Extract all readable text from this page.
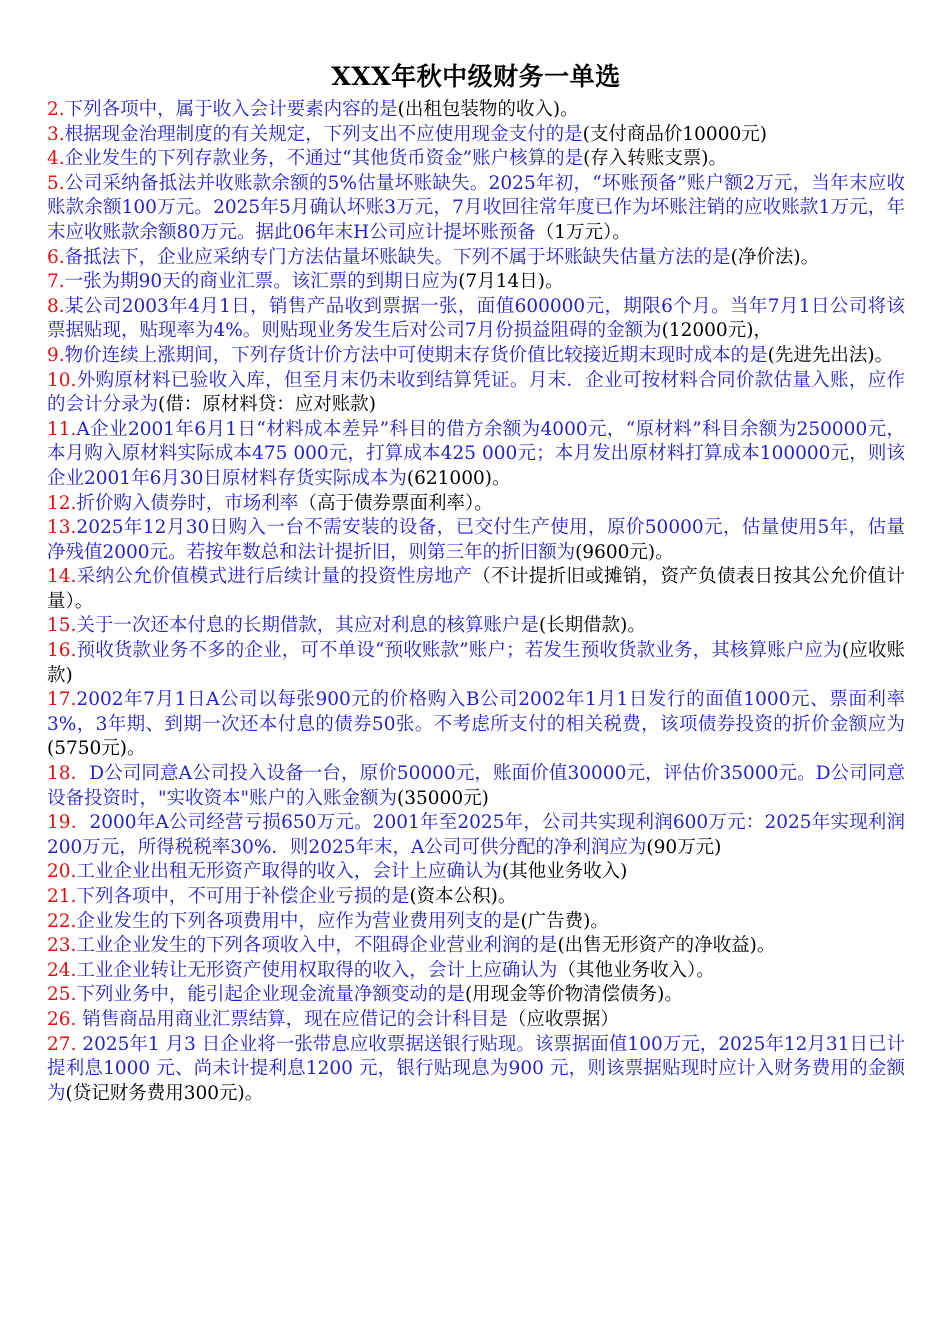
XXX年秋中级财务一单选

2.下列各项中，属于收入会计要素内容的是(出租包装物的收入)。

3.根据现金治理制度的有关规定，下列支出不应使用现金支付的是(支付商品价10000元)

4.企业发生的下列存款业务，不通过“其他货币资金”账户核算的是(存入转账支票)。

5.公司采纳备抵法并收账款余额的5%估量坏账缺失。2025年初，“坏账预备”账户额2万元，当年末应收账款余额100万元。2025年5月确认坏账3万元，7月收回往常年度已作为坏账注销的应收账款1万元，年末应收账款余额80万元。据此06年末H公司应计提坏账预备（1万元）。

6.备抵法下，企业应采纳专门方法估量坏账缺失。下列不属于坏账缺失估量方法的是(净价法)。

7.一张为期90天的商业汇票。该汇票的到期日应为(7月14日)。

8.某公司2003年4月1日，销售产品收到票据一张，面值600000元，期限6个月。当年7月1日公司将该票据贴现，贴现率为4%。则贴现业务发生后对公司7月份损益阻碍的金额为(12000元)，

9.物价连续上涨期间，下列存货计价方法中可使期末存货价值比较接近期末现时成本的是(先进先出法)。

10.外购原材料已验收入库，但至月末仍未收到结算凭证。月末．企业可按材料合同价款估量入账，应作的会计分录为(借：原材料贷：应对账款)

11.A企业2001年6月1日“材料成本差异”科目的借方余额为4000元，“原材料”科目余额为250000元，本月购入原材料实际成本475 000元，打算成本425 000元；本月发出原材料打算成本100000元，则该企业2001年6月30日原材料存货实际成本为(621000)。

12.折价购入债券时，市场利率（高于债券票面利率）。

13.2025年12月30日购入一台不需安装的设备，已交付生产使用，原价50000元，估量使用5年，估量净残值2000元。若按年数总和法计提折旧，则第三年的折旧额为(9600元)。

14.采纳公允价值模式进行后续计量的投资性房地产（不计提折旧或摊销，资产负债表日按其公允价值计量）。

15.关于一次还本付息的长期借款，其应对利息的核算账户是(长期借款)。

16.预收货款业务不多的企业，可不单设“预收账款”账户；若发生预收货款业务，其核算账户应为(应收账款)

17.2002年7月1日A公司以每张900元的价格购入B公司2002年1月1日发行的面值1000元、票面利率3%，3年期、到期一次还本付息的债券50张。不考虑所支付的相关税费，该项债券投资的折价金额应为(5750元)。

18．D公司同意A公司投入设备一台，原价50000元，账面价值30000元，评估价35000元。D公司同意设备投资时，"实收资本"账户的入账金额为(35000元)

19．2000年A公司经营亏损650万元。2001年至2025年，公司共实现利润600万元：2025年实现利润200万元，所得税税率30%．则2025年末，A公司可供分配的净利润应为(90万元)

20.工业企业出租无形资产取得的收入，会计上应确认为(其他业务收入)

21.下列各项中，不可用于补偿企业亏损的是(资本公积)。

22.企业发生的下列各项费用中，应作为营业费用列支的是(广告费)。

23.工业企业发生的下列各项收入中，不阻碍企业营业利润的是(出售无形资产的净收益)。

24.工业企业转让无形资产使用权取得的收入，会计上应确认为（其他业务收入）。

25.下列业务中，能引起企业现金流量净额变动的是(用现金等价物清偿债务)。

26. 销售商品用商业汇票结算，现在应借记的会计科目是（应收票据）

27. 2025年1 月3 日企业将一张带息应收票据送银行贴现。该票据面值100万元，2025年12月31日已计提利息1000 元、尚未计提利息1200 元，银行贴现息为900 元，则该票据贴现时应计入财务费用的金额为(贷记财务费用300元)。
